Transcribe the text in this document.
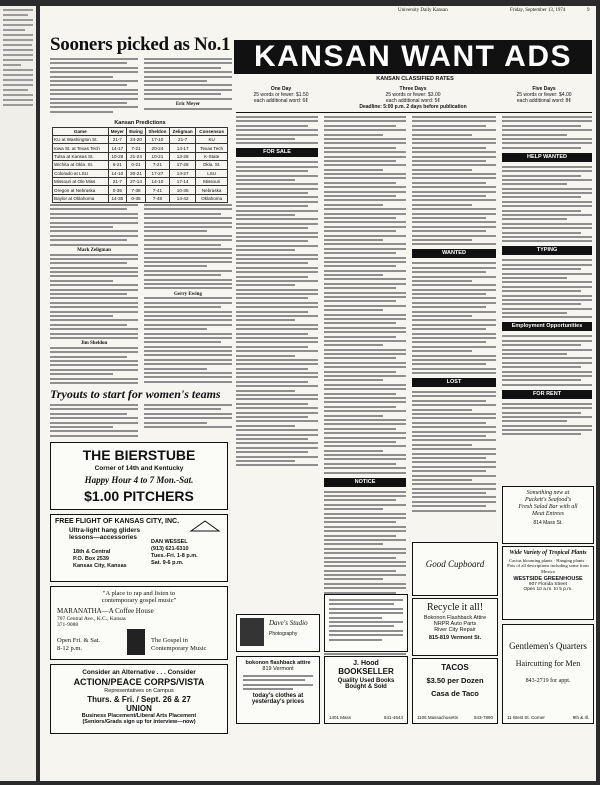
University Daily Kansan	Friday, September 13, 1974	9
Sooners picked as No.1
Eric Meyer
Kansan Predictions
Game	Meyer	Ewing	Sheldon	Zeligman	Consensus
KU at Washington St.	21-7	24-20	17-10	21-7	KU
Iowa St. at Texas Tech	14-17	7-21	20-24	14-17	Texas Tech
Tulsa at Kansas St.	10-28	21-24	10-21	13-28	K-State
Wichita at Okla. St.	6-21	0-21	7-21	17-28	Okla. St.
Colorado at LSU	14-10	20-21	17-27	14-27	LSU
Missouri at Ole Miss	21-7	27-14	14-10	17-14	Missouri
Oregon at Nebraska	0-35	7-38	7-41	10-35	Nebraska
Baylor at Oklahoma	14-35	0-35	7-48	14-42	Oklahoma
Mark Zeligman
Jim Sheldon
Gerry Ewing
Tryouts to start for women's teams
THE BIERSTUBE
Corner of 14th and Kentucky
Happy Hour 4 to 7 Mon.-Sat.
$1.00 PITCHERS
FREE FLIGHT OF KANSAS CITY, INC.
Ultra-light hang gliders
lessons—accessories
18th & Central
P.O. Box 2539
Kansas City, Kansas
DAN WESSEL
(913) 621-6310
Tues.-Fri. 1-8 p.m.
Sat. 9-6 p.m.
"A place to rap and listen to
contemporary gospel music"
MARANATHA—A Coffee House
707 Central Ave., K.C., Kansas
371-9088
Open Fri. & Sat.
8-12 p.m.
The Gospel in
Contemporary Music
Consider an Alternative . . . Consider
ACTION/PEACE CORPS/VISTA
Representatives on Campus
Thurs. & Fri. / Sept. 26 & 27
UNION
Business Placement/Liberal Arts Placement
(Seniors/Grads sign up for interview—now)
KANSAN WANT ADS
KANSAN CLASSIFIED RATES
One Day
25 words or fewer: $1.50
each additional word: 6¢
Three Days
25 words or fewer: $3.00
each additional word: 5¢
Deadline: 5:00 p.m. 2 days before publication
Five Days
25 words or fewer: $4.00
each additional word: 8¢
FOR SALE
NOTICE
WANTED
LOST
HELP WANTED
TYPING
Employment Opportunities
FOR RENT
Something new at
Puckett's Seafood's
Fresh Salad Bar with all
Meat Entrees
814 Mass St.
Wide Variety of Tropical Plants
Cactus blooming plants · Hanging plants · Pots of all descriptions including some from Mexico
WESTSIDE GREENHOUSE
907 Florida Street
Open 10 a.m. to 5 p.m.
Gentlemen's Quarters
Haircutting for Men
843-2719 for appt.
11 West St. Corner	9th & Ill.
Good Cupboard
Recycle it all!
Bokonon Flashback Attire
NRPR Auto Parts
River City Repair
815-819 Vermont St.
TACOS
$3.50 per Dozen
Casa de Taco
1105 Massachusetts	843-7890
Dave's Studio
Photography
bokonon flashback attire
819 Vermont
today's clothes at
yesterday's prices
J. Hood
BOOKSELLER
Quality Used Books
Bought & Sold
1401 Mass	841-4644
